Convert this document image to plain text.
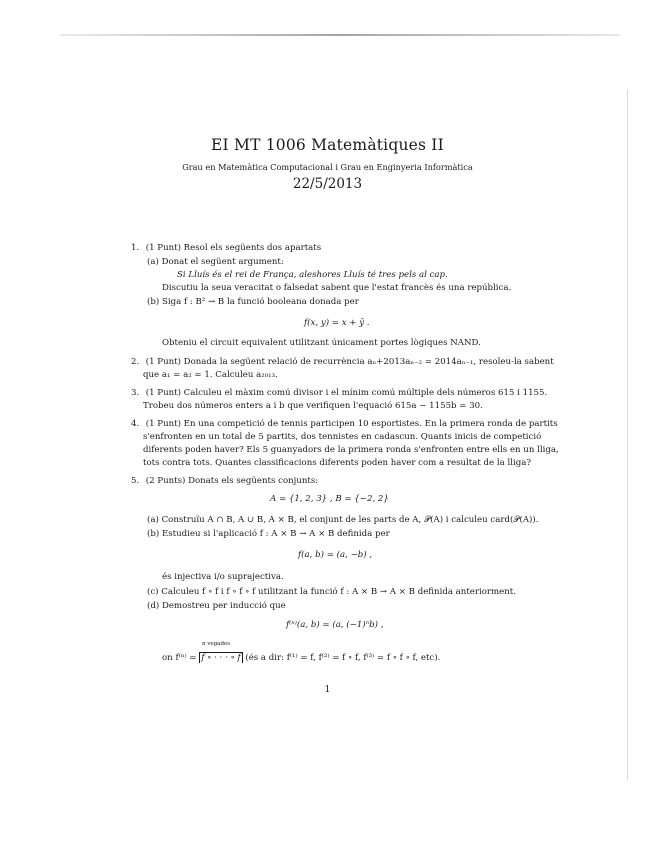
EI MT 1006 Matemàtiques II
Grau en Matemàtica Computacional i Grau en Enginyeria Informàtica
22/5/2013
1. (1 Punt) Resol els següents dos apartats
(a) Donat el següent argument:
Si Lluís és el rei de França, aleshores Lluís té tres pels al cap.
Discutiu la seua veracitat o falsedat sabent que l'estat francès és una república.
(b) Siga f : B² → B la funció booleana donada per
f(x, y) = x + ȳ .
Obteniu el circuit equivalent utilitzant únicament portes lògiques NAND.
2. (1 Punt) Donada la següent relació de recurrència aₙ+2013aₙ₋₂ = 2014aₙ₋₁, resoleu-la sabent
que a₁ = a₂ = 1. Calculeu a₂₀₁₃.
3. (1 Punt) Calculeu el màxim comú divisor i el mínim comú múltiple dels números 615 i 1155.
Trobeu dos números enters a i b que verifiquen l'equació 615a − 1155b = 30.
4. (1 Punt) En una competició de tennis participen 10 esportistes. En la primera ronda de partits
s'enfronten en un total de 5 partits, dos tennistes en cadascun. Quants inicis de competició
diferents poden haver? Els 5 guanyadors de la primera ronda s'enfronten entre ells en un lliga,
tots contra tots. Quantes classificacions diferents poden haver com a resultat de la lliga?
5. (2 Punts) Donats els següents conjunts:
A = {1, 2, 3} , B = {−2, 2}
(a) Construïu A ∩ B, A ∪ B, A × B, el conjunt de les parts de A, 𝒫(A) i calculeu card(𝒫(A)).
(b) Estudieu si l'aplicació f : A × B → A × B definida per
f(a, b) = (a, −b) ,
és injectiva i/o suprajectiva.
(c) Calculeu f ∘ f i f ∘ f ∘ f utilitzant la funció f : A × B → A × B definida anteriorment.
(d) Demostreu per inducció que
f⁽ⁿ⁾(a, b) = (a, (−1)ⁿb) ,
n vegades
on f⁽ⁿ⁾ = f ∘ · · · ∘ f (és a dir: f⁽¹⁾ = f, f⁽²⁾ = f ∘ f, f⁽³⁾ = f ∘ f ∘ f, etc).
1
